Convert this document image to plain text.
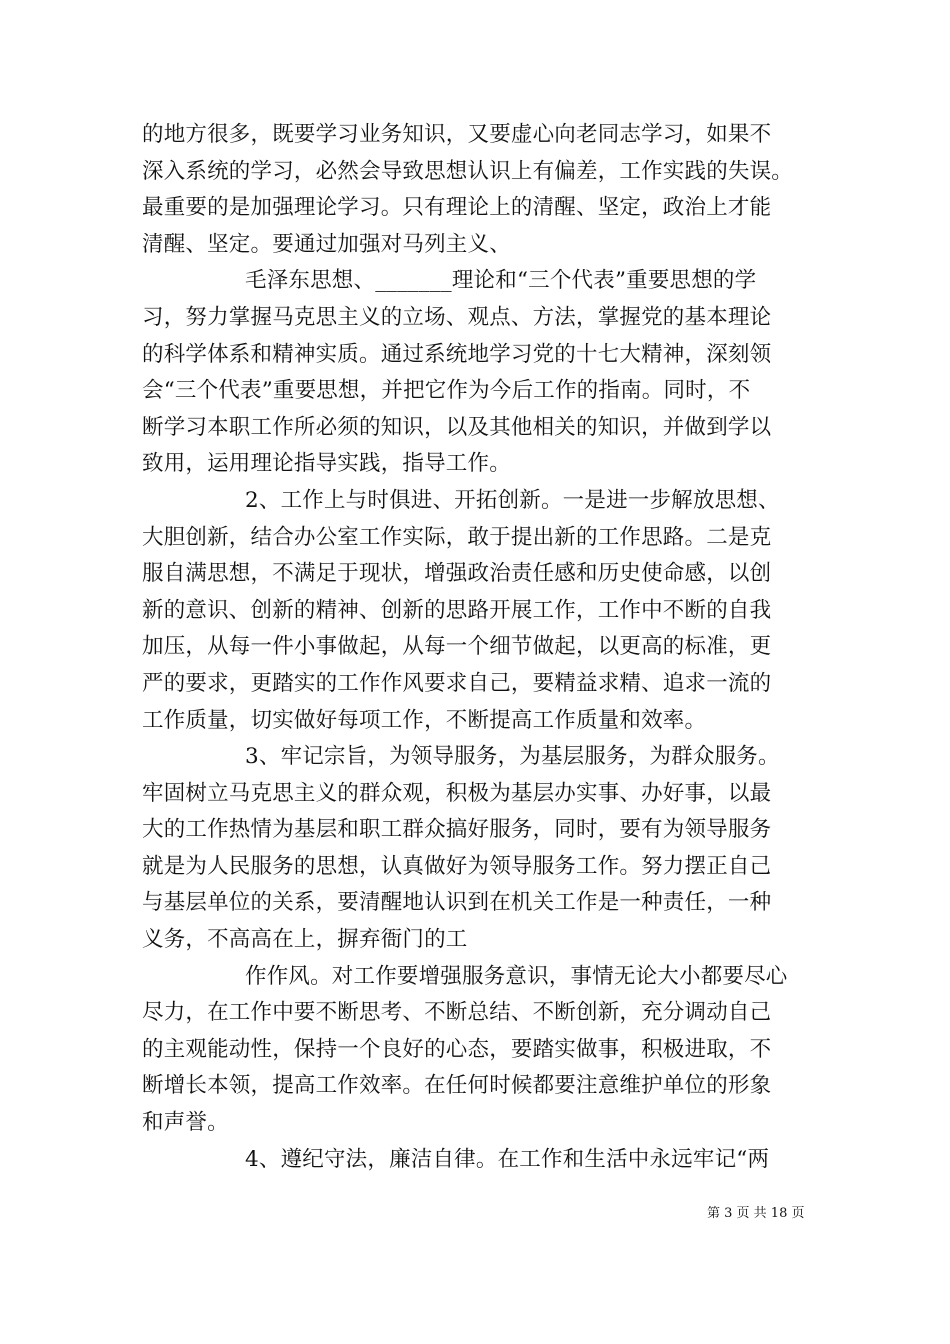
的地方很多，既要学习业务知识，又要虚心向老同志学习，如果不
深入系统的学习，必然会导致思想认识上有偏差，工作实践的失误。
最重要的是加强理论学习。只有理论上的清醒、坚定，政治上才能
清醒、坚定。要通过加强对马列主义、
毛泽东思想、_______理论和“三个代表”重要思想的学
习，努力掌握马克思主义的立场、观点、方法，掌握党的基本理论
的科学体系和精神实质。通过系统地学习党的十七大精神，深刻领
会“三个代表”重要思想，并把它作为今后工作的指南。同时，不
断学习本职工作所必须的知识，以及其他相关的知识，并做到学以
致用，运用理论指导实践，指导工作。
2、工作上与时俱进、开拓创新。一是进一步解放思想、
大胆创新，结合办公室工作实际，敢于提出新的工作思路。二是克
服自满思想，不满足于现状，增强政治责任感和历史使命感，以创
新的意识、创新的精神、创新的思路开展工作，工作中不断的自我
加压，从每一件小事做起，从每一个细节做起，以更高的标准，更
严的要求，更踏实的工作作风要求自己，要精益求精、追求一流的
工作质量，切实做好每项工作，不断提高工作质量和效率。
3、牢记宗旨，为领导服务，为基层服务，为群众服务。
牢固树立马克思主义的群众观，积极为基层办实事、办好事，以最
大的工作热情为基层和职工群众搞好服务，同时，要有为领导服务
就是为人民服务的思想，认真做好为领导服务工作。努力摆正自己
与基层单位的关系，要清醒地认识到在机关工作是一种责任，一种
义务，不高高在上，摒弃衙门的工
作作风。对工作要增强服务意识，事情无论大小都要尽心
尽力，在工作中要不断思考、不断总结、不断创新，充分调动自己
的主观能动性，保持一个良好的心态，要踏实做事，积极进取，不
断增长本领，提高工作效率。在任何时候都要注意维护单位的形象
和声誉。
4、遵纪守法，廉洁自律。在工作和生活中永远牢记“两
第 3 页 共 18 页
